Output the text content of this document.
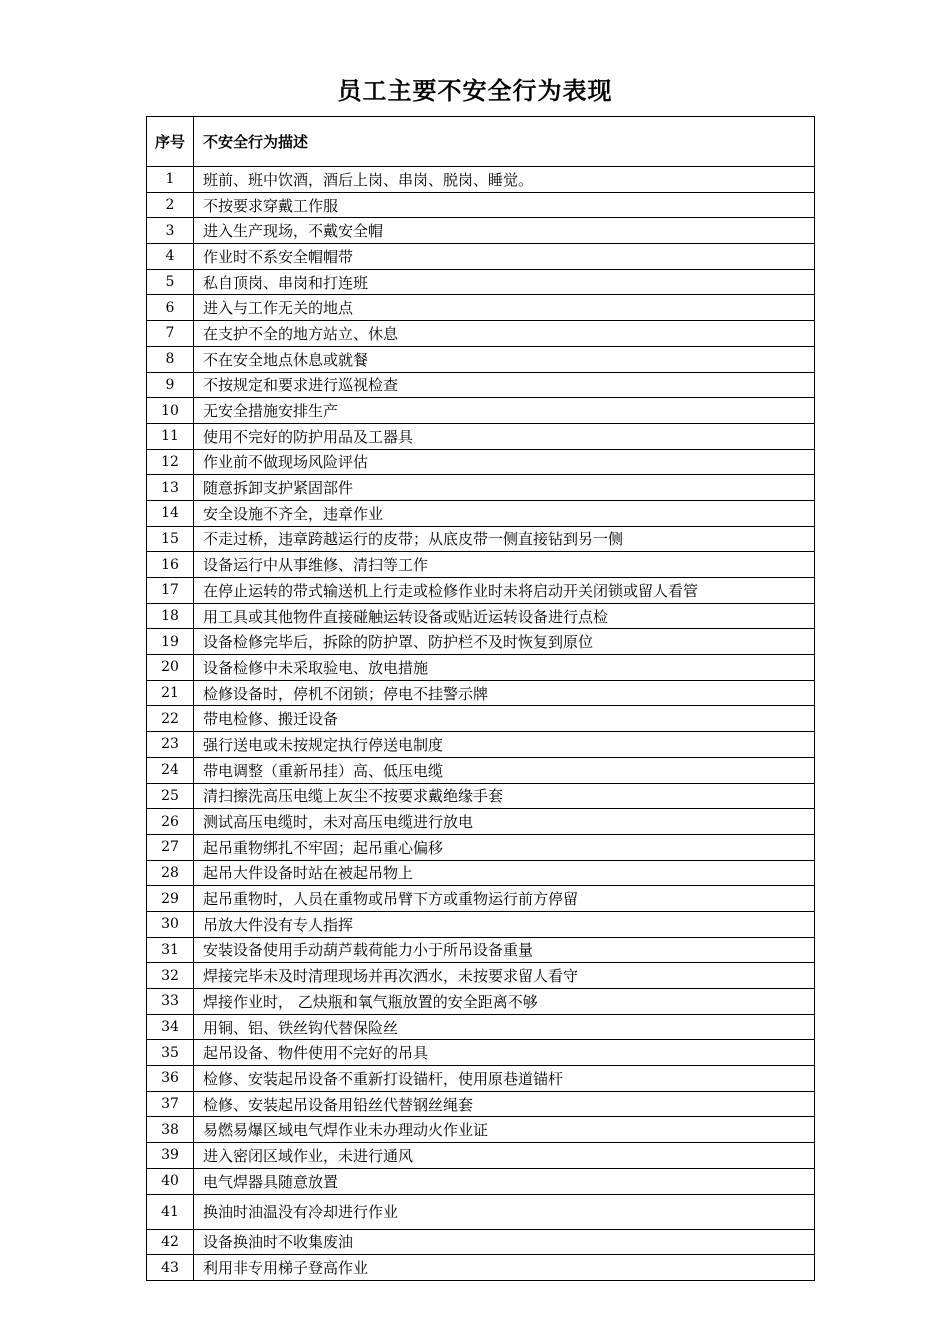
员工主要不安全行为表现
序号	不安全行为描述
1	班前、班中饮酒，酒后上岗、串岗、脱岗、睡觉。
2	不按要求穿戴工作服
3	进入生产现场，不戴安全帽
4	作业时不系安全帽帽带
5	私自顶岗、串岗和打连班
6	进入与工作无关的地点
7	在支护不全的地方站立、休息
8	不在安全地点休息或就餐
9	不按规定和要求进行巡视检查
10	无安全措施安排生产
11	使用不完好的防护用品及工器具
12	作业前不做现场风险评估
13	随意拆卸支护紧固部件
14	安全设施不齐全，违章作业
15	不走过桥，违章跨越运行的皮带；从底皮带一侧直接钻到另一侧
16	设备运行中从事维修、清扫等工作
17	在停止运转的带式输送机上行走或检修作业时未将启动开关闭锁或留人看管
18	用工具或其他物件直接碰触运转设备或贴近运转设备进行点检
19	设备检修完毕后，拆除的防护罩、防护栏不及时恢复到原位
20	设备检修中未采取验电、放电措施
21	检修设备时，停机不闭锁；停电不挂警示牌
22	带电检修、搬迁设备
23	强行送电或未按规定执行停送电制度
24	带电调整（重新吊挂）高、低压电缆
25	清扫擦洗高压电缆上灰尘不按要求戴绝缘手套
26	测试高压电缆时，未对高压电缆进行放电
27	起吊重物绑扎不牢固；起吊重心偏移
28	起吊大件设备时站在被起吊物上
29	起吊重物时，人员在重物或吊臂下方或重物运行前方停留
30	吊放大件没有专人指挥
31	安装设备使用手动葫芦载荷能力小于所吊设备重量
32	焊接完毕未及时清理现场并再次洒水，未按要求留人看守
33	焊接作业时， 乙炔瓶和氧气瓶放置的安全距离不够
34	用铜、铝、铁丝钩代替保险丝
35	起吊设备、物件使用不完好的吊具
36	检修、安装起吊设备不重新打设锚杆，使用原巷道锚杆
37	检修、安装起吊设备用铅丝代替钢丝绳套
38	易燃易爆区域电气焊作业未办理动火作业证
39	进入密闭区域作业，未进行通风
40	电气焊器具随意放置
41	换油时油温没有冷却进行作业
42	设备换油时不收集废油
43	利用非专用梯子登高作业
